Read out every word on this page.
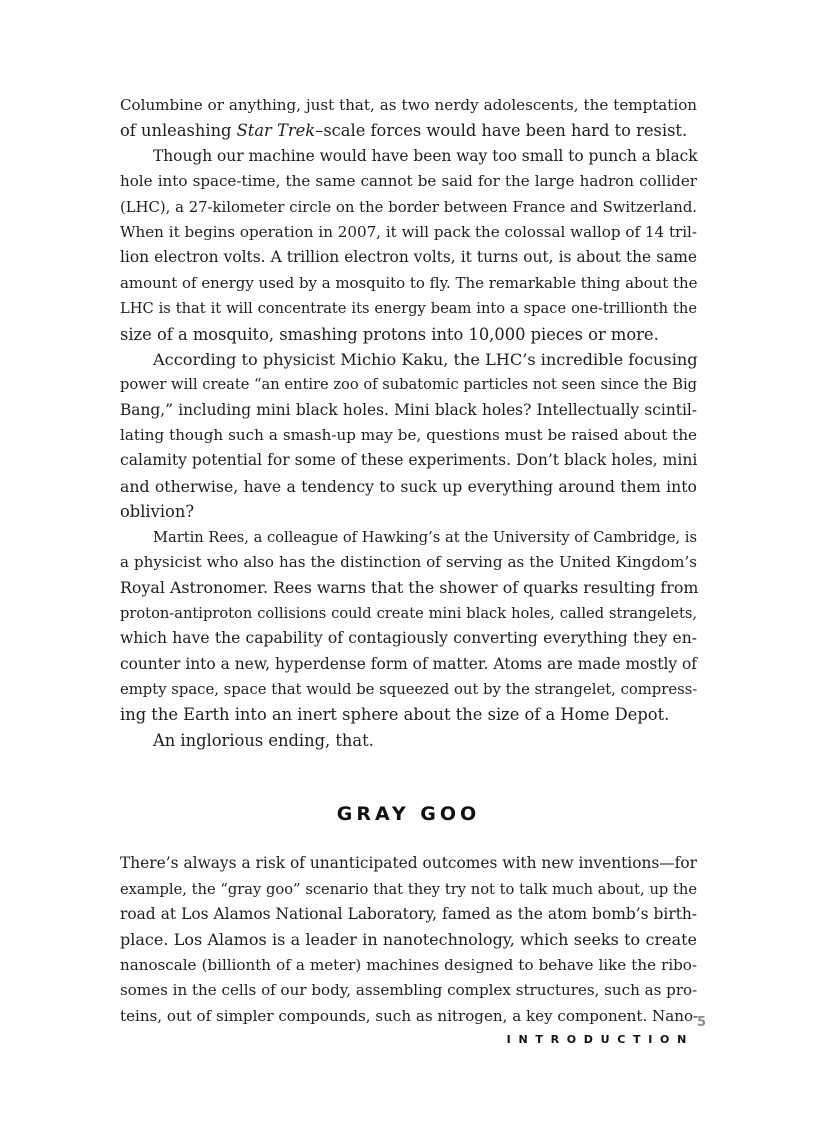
Columbine or anything, just that, as two nerdy adolescents, the temptation
of unleashing Star Trek–scale forces would have been hard to resist.
Though our machine would have been way too small to punch a black
hole into space-time, the same cannot be said for the large hadron collider
(LHC), a 27-kilometer circle on the border between France and Switzerland.
When it begins operation in 2007, it will pack the colossal wallop of 14 tril-
lion electron volts. A trillion electron volts, it turns out, is about the same
amount of energy used by a mosquito to fly. The remarkable thing about the
LHC is that it will concentrate its energy beam into a space one-trillionth the
size of a mosquito, smashing protons into 10,000 pieces or more.
According to physicist Michio Kaku, the LHC’s incredible focusing
power will create “an entire zoo of subatomic particles not seen since the Big
Bang,” including mini black holes. Mini black holes? Intellectually scintil-
lating though such a smash-up may be, questions must be raised about the
calamity potential for some of these experiments. Don’t black holes, mini
and otherwise, have a tendency to suck up everything around them into
oblivion?
Martin Rees, a colleague of Hawking’s at the University of Cambridge, is
a physicist who also has the distinction of serving as the United Kingdom’s
Royal Astronomer. Rees warns that the shower of quarks resulting from
proton-antiproton collisions could create mini black holes, called strangelets,
which have the capability of contagiously converting everything they en-
counter into a new, hyperdense form of matter. Atoms are made mostly of
empty space, space that would be squeezed out by the strangelet, compress-
ing the Earth into an inert sphere about the size of a Home Depot.
An inglorious ending, that.
GRAY GOO
There’s always a risk of unanticipated outcomes with new inventions—for
example, the “gray goo” scenario that they try not to talk much about, up the
road at Los Alamos National Laboratory, famed as the atom bomb’s birth-
place. Los Alamos is a leader in nanotechnology, which seeks to create
nanoscale (billionth of a meter) machines designed to behave like the ribo-
somes in the cells of our body, assembling complex structures, such as pro-
teins, out of simpler compounds, such as nitrogen, a key component. Nano-
INTRODUCTION
5
